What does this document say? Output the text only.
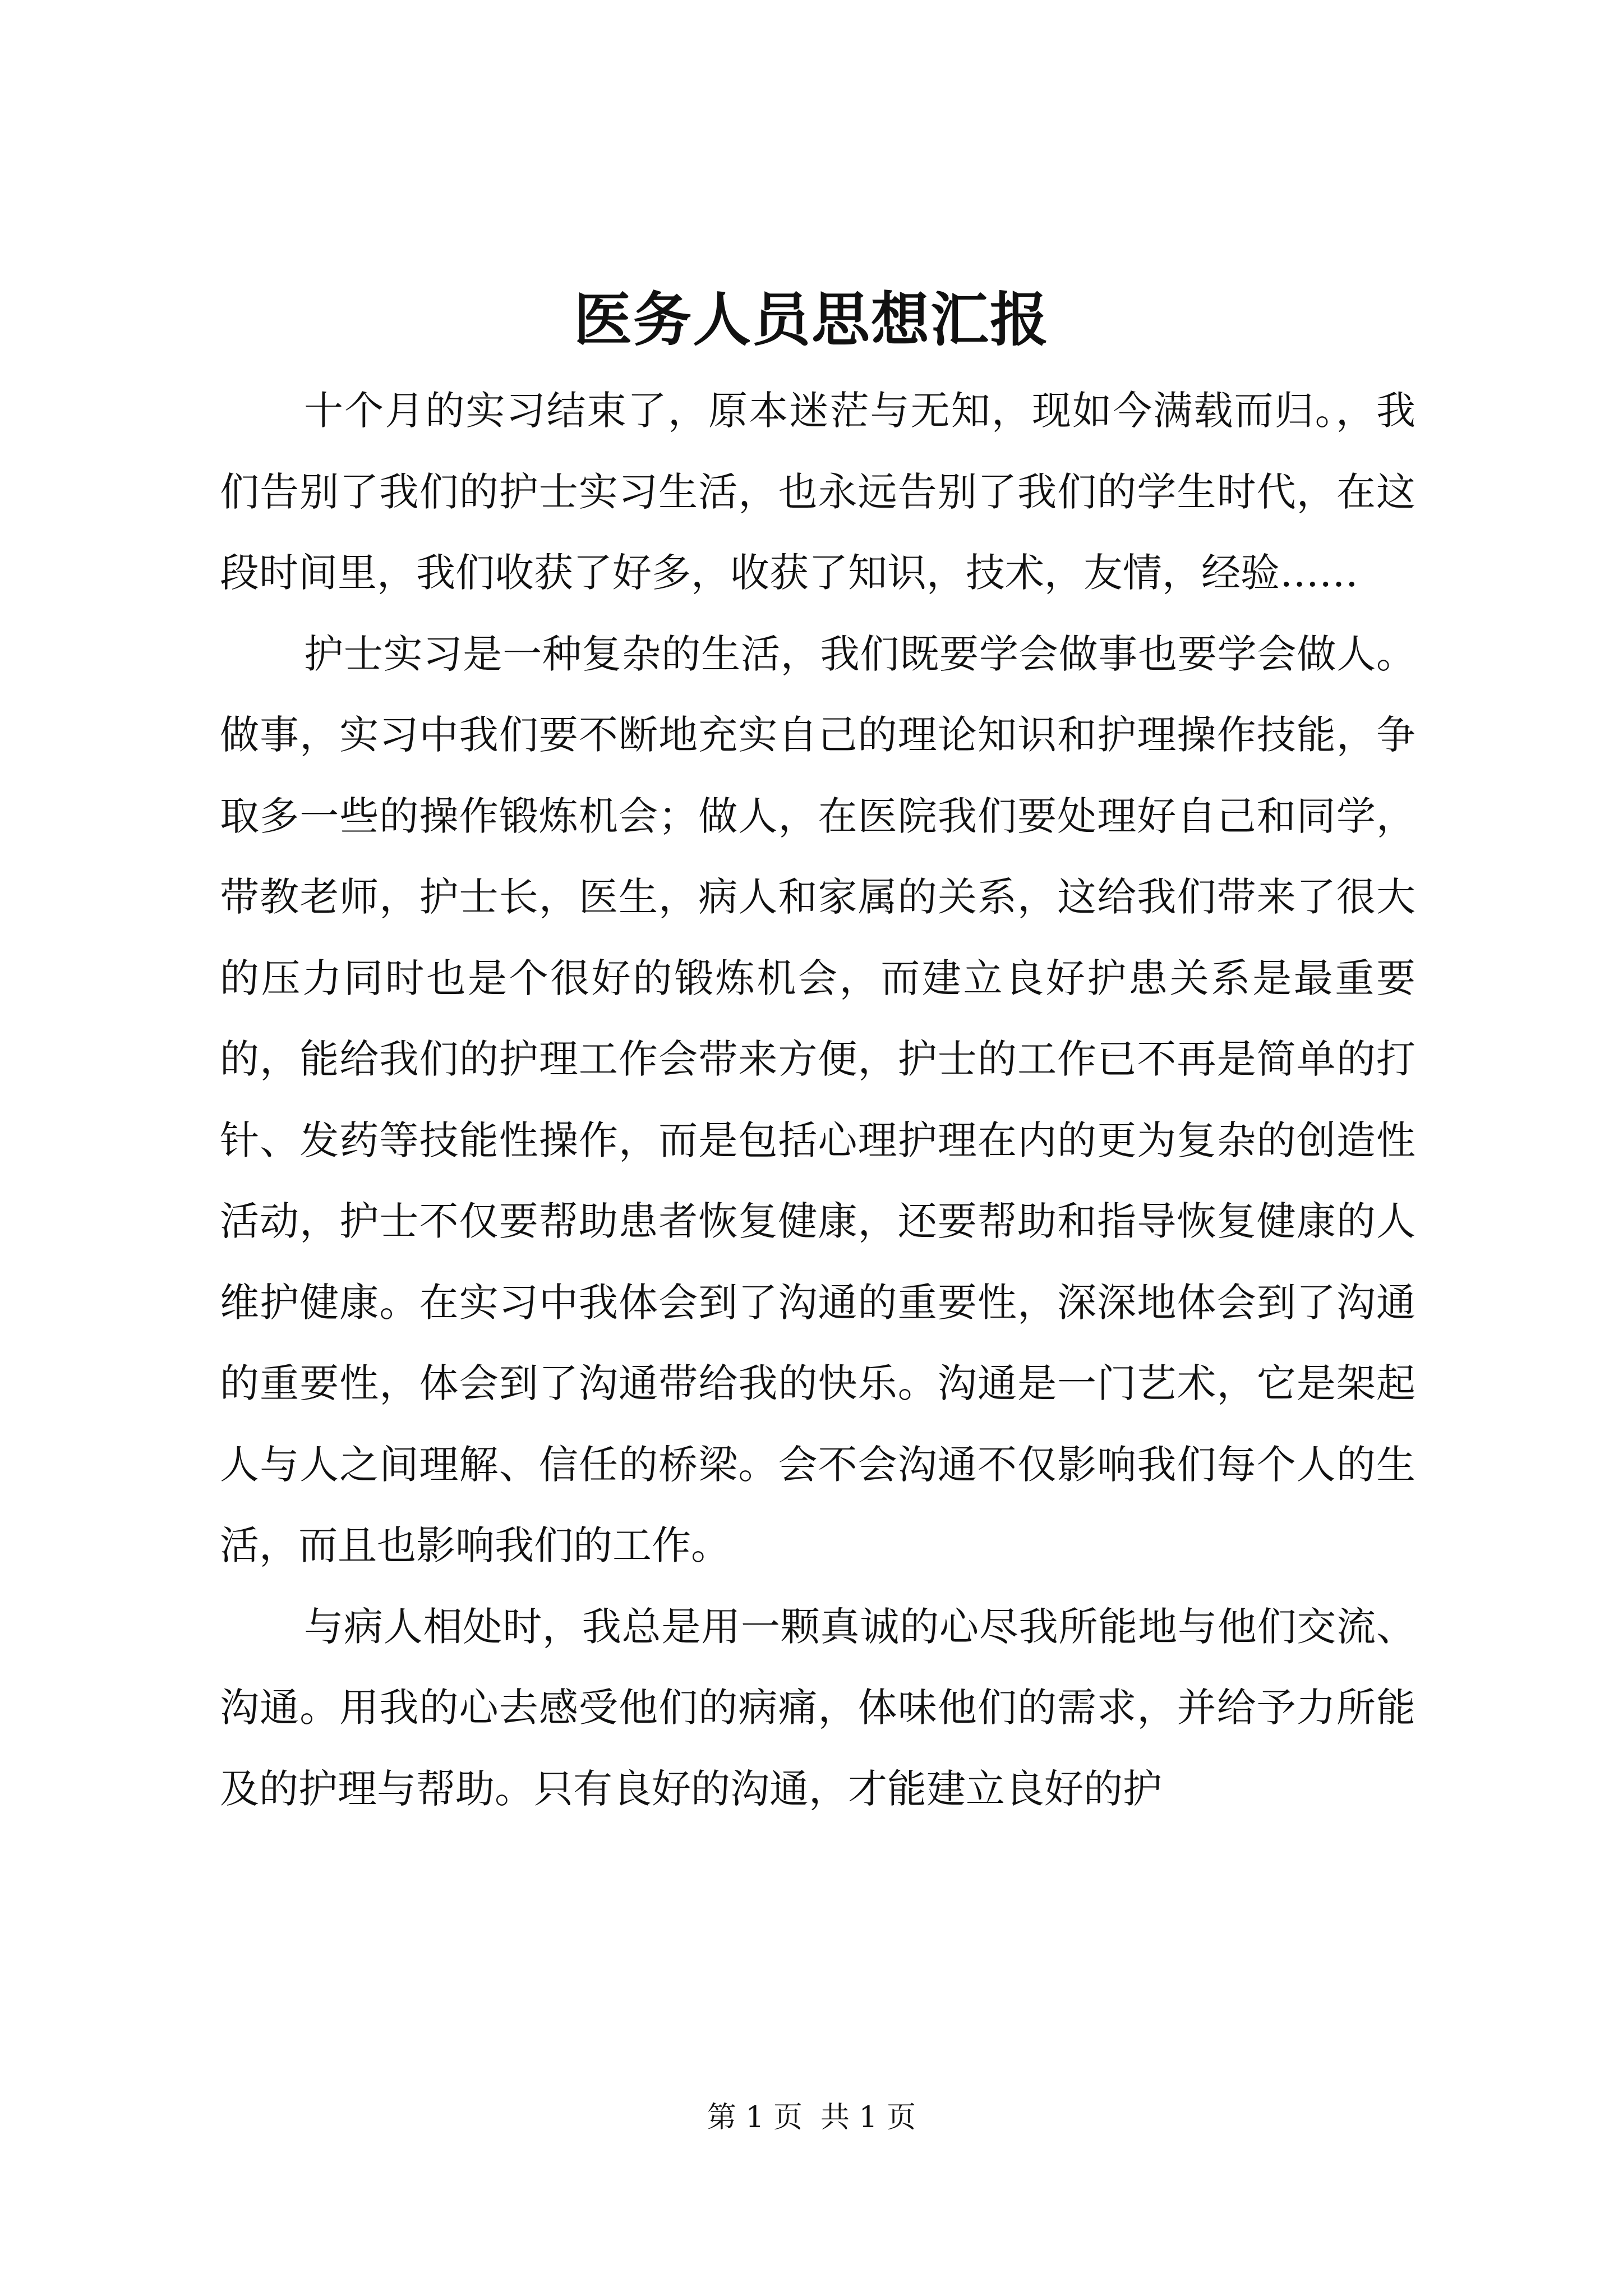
医务人员思想汇报

十个月的实习结束了，原本迷茫与无知，现如今满载而归。，我们告别了我们的护士实习生活，也永远告别了我们的学生时代，在这段时间里，我们收获了好多，收获了知识，技术，友情，经验……

护士实习是一种复杂的生活，我们既要学会做事也要学会做人。做事，实习中我们要不断地充实自己的理论知识和护理操作技能，争取多一些的操作锻炼机会；做人，在医院我们要处理好自己和同学，带教老师，护士长，医生，病人和家属的关系，这给我们带来了很大的压力同时也是个很好的锻炼机会，而建立良好护患关系是最重要的，能给我们的护理工作会带来方便，护士的工作已不再是简单的打针、发药等技能性操作，而是包括心理护理在内的更为复杂的创造性活动，护士不仅要帮助患者恢复健康，还要帮助和指导恢复健康的人维护健康。在实习中我体会到了沟通的重要性，深深地体会到了沟通的重要性，体会到了沟通带给我的快乐。沟通是一门艺术，它是架起人与人之间理解、信任的桥梁。会不会沟通不仅影响我们每个人的生活，而且也影响我们的工作。

与病人相处时，我总是用一颗真诚的心尽我所能地与他们交流、沟通。用我的心去感受他们的病痛，体味他们的需求，并给予力所能及的护理与帮助。只有良好的沟通，才能建立良好的护

第 1 页 共 1 页
